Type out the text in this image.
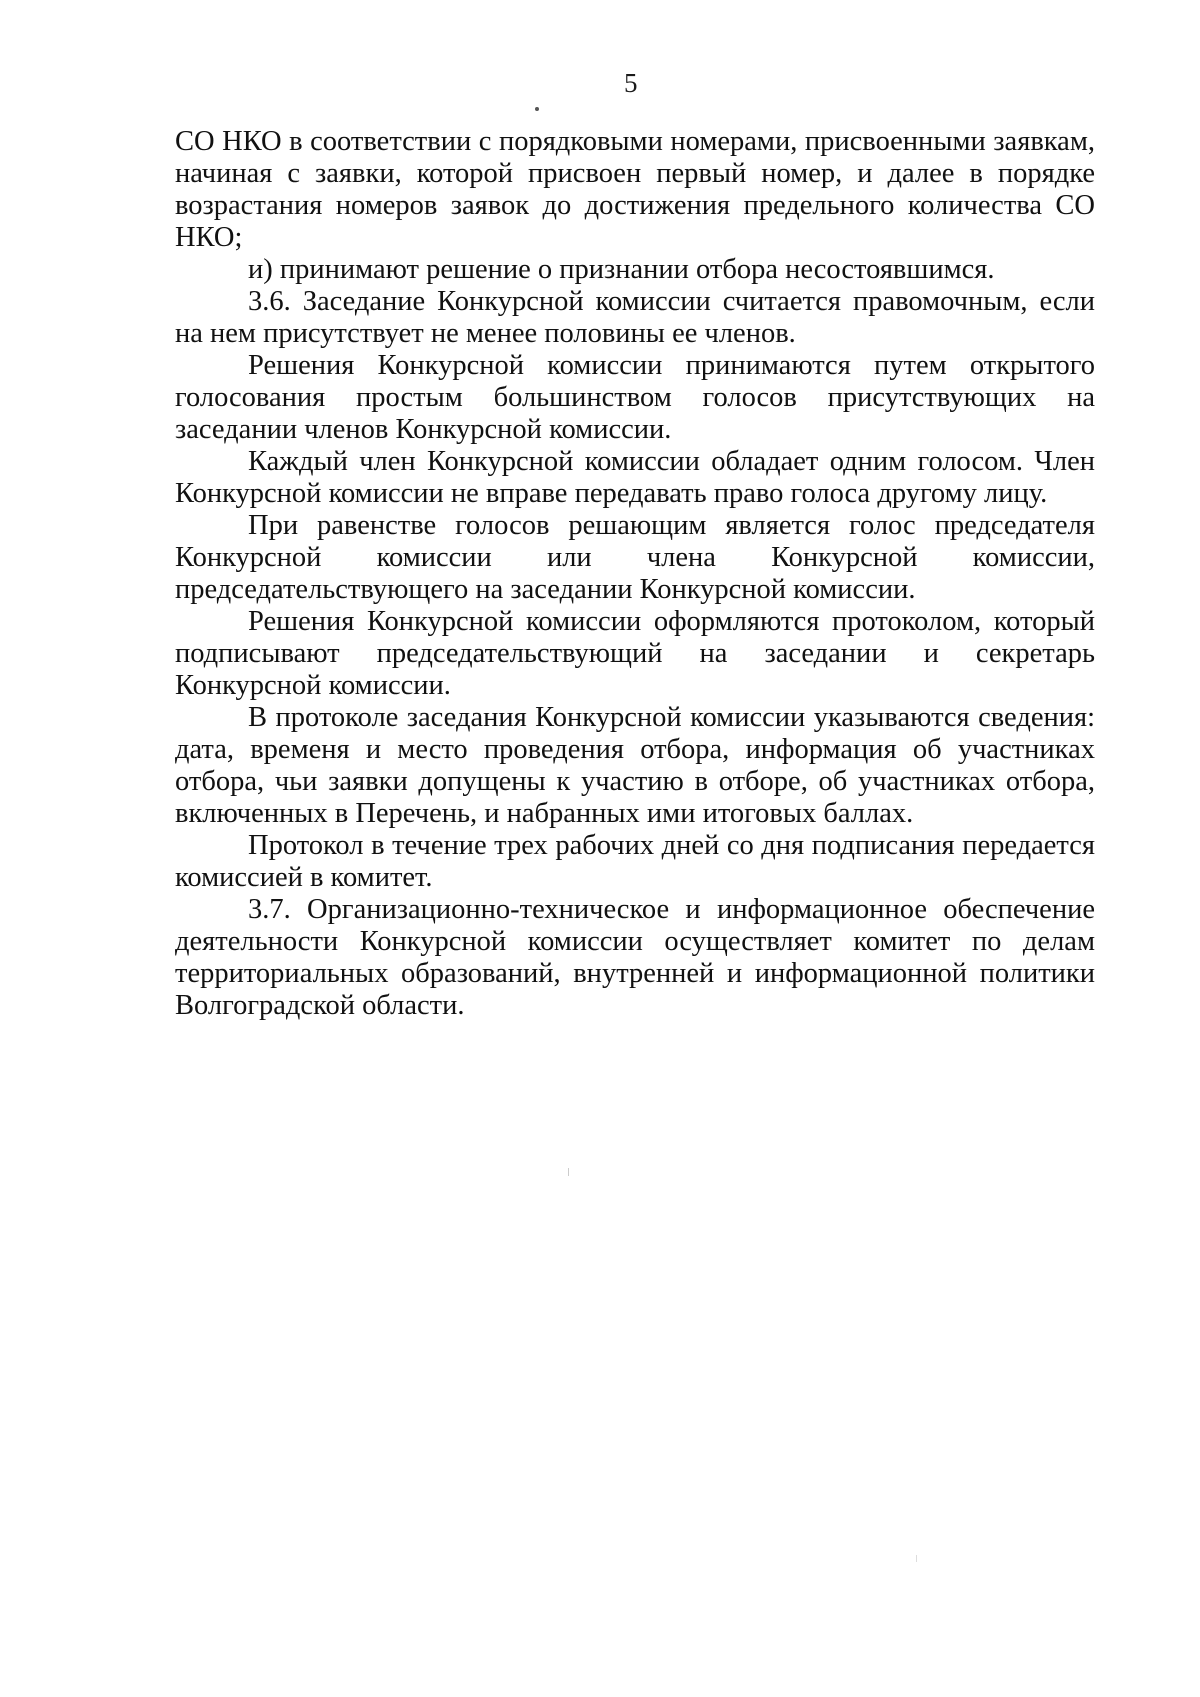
5

СО НКО в соответствии с порядковыми номерами, присвоенными заявкам, начиная с заявки, которой присвоен первый номер, и далее в порядке возрастания номеров заявок до достижения предельного количества СО НКО;

и) принимают решение о признании отбора несостоявшимся.

3.6. Заседание Конкурсной комиссии считается правомочным, если на нем присутствует не менее половины ее членов.

Решения Конкурсной комиссии принимаются путем открытого голосования простым большинством голосов присутствующих на заседании членов Конкурсной комиссии.

Каждый член Конкурсной комиссии обладает одним голосом. Член Конкурсной комиссии не вправе передавать право голоса другому лицу.

При равенстве голосов решающим является голос председателя Конкурсной комиссии или члена Конкурсной комиссии, председательствующего на заседании Конкурсной комиссии.

Решения Конкурсной комиссии оформляются протоколом, который подписывают председательствующий на заседании и секретарь Конкурсной комиссии.

В протоколе заседания Конкурсной комиссии указываются сведения: дата, временя и место проведения отбора, информация об участниках отбора, чьи заявки допущены к участию в отборе, об участниках отбора, включенных в Перечень, и набранных ими итоговых баллах.

Протокол в течение трех рабочих дней со дня подписания передается комиссией в комитет.

3.7. Организационно-техническое и информационное обеспечение деятельности Конкурсной комиссии осуществляет комитет по делам территориальных образований, внутренней и информационной политики Волгоградской области.
